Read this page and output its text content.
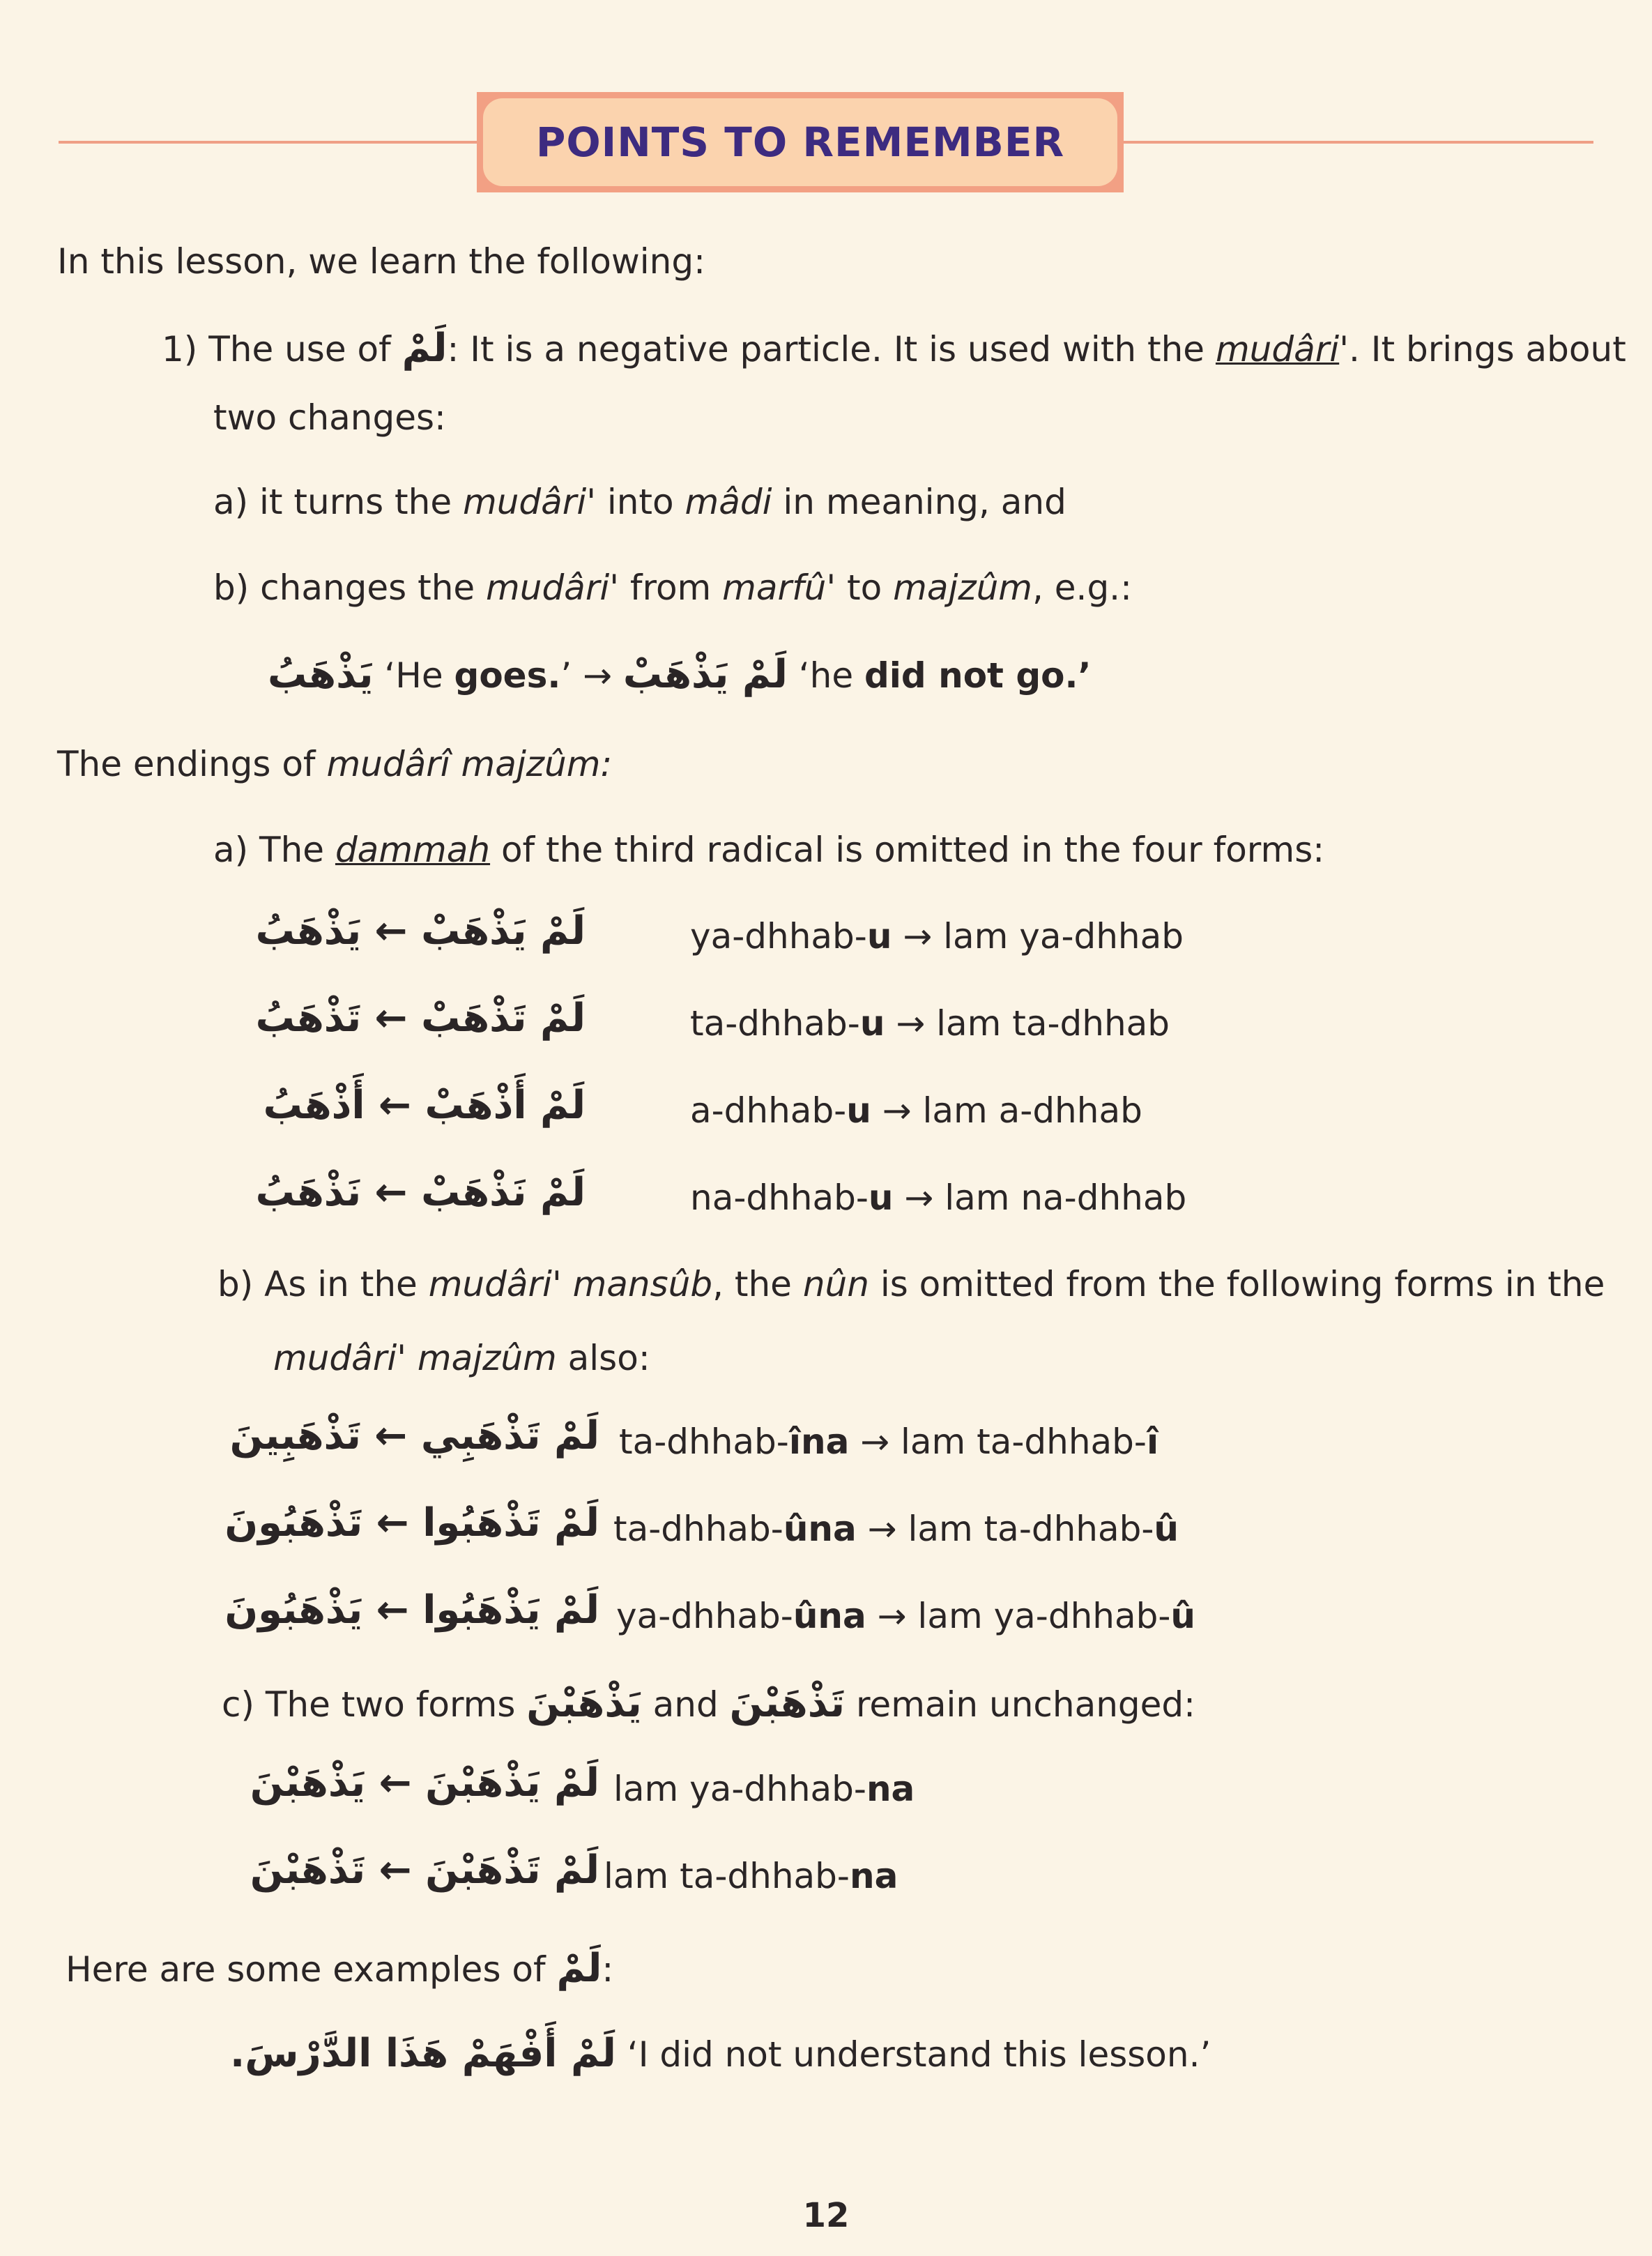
POINTS TO REMEMBER
In this lesson, we learn the following:
1) The use of لَمْ: It is a negative particle. It is used with the mudâri'. It brings about
two changes:
a) it turns the mudâri' into mâdi in meaning, and
b) changes the mudâri' from marfû' to majzûm, e.g.:
يَذْهَبُ ‘He goes.’ → لَمْ يَذْهَبْ ‘he did not go.’
The endings of mudârî majzûm:
a) The dammah of the third radical is omitted in the four forms:
لَمْ يَذْهَبْ ← يَذْهَبُ	ya-dhhab-u → lam ya-dhhab
لَمْ تَذْهَبْ ← تَذْهَبُ	ta-dhhab-u → lam ta-dhhab
لَمْ أَذْهَبْ ← أَذْهَبُ	a-dhhab-u → lam a-dhhab
لَمْ نَذْهَبْ ← نَذْهَبُ	na-dhhab-u → lam na-dhhab
b) As in the mudâri' mansûb, the nûn is omitted from the following forms in the
mudâri' majzûm also:
لَمْ تَذْهَبِي ← تَذْهَبِينَ ta-dhhab-îna → lam ta-dhhab-î
لَمْ تَذْهَبُوا ← تَذْهَبُونَ ta-dhhab-ûna → lam ta-dhhab-û
لَمْ يَذْهَبُوا ← يَذْهَبُونَ ya-dhhab-ûna → lam ya-dhhab-û
c) The two forms يَذْهَبْنَ and تَذْهَبْنَ remain unchanged:
لَمْ يَذْهَبْنَ ← يَذْهَبْنَ lam ya-dhhab-na
لَمْ تَذْهَبْنَ ← تَذْهَبْنَ lam ta-dhhab-na
Here are some examples of لَمْ:
لَمْ أَفْهَمْ هَذَا الدَّرْسَ. ‘I did not understand this lesson.’
12
